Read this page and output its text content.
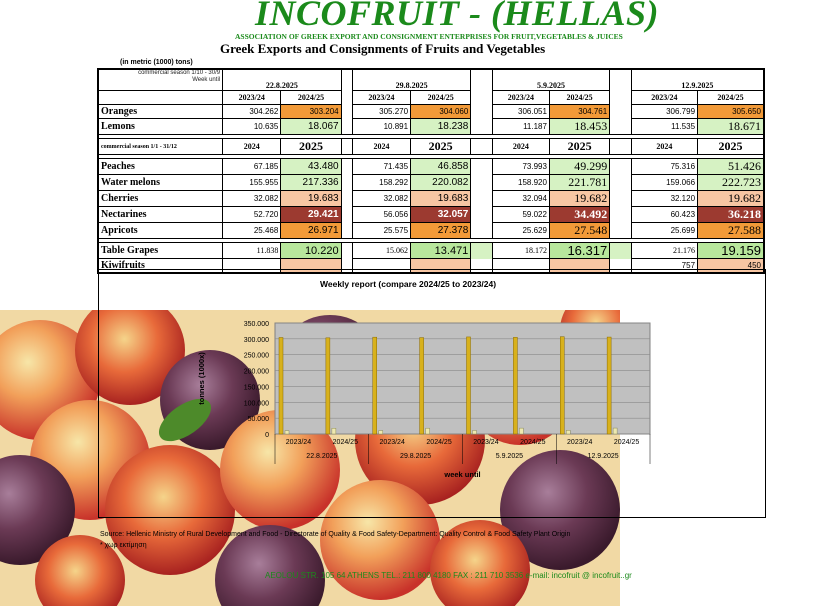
INCOFRUIT - (HELLAS)
ASSOCIATION OF GREEK EXPORT AND CONSIGNMENT ENTERPRISES FOR FRUIT,VEGETABLES & JUICES
Greek Exports and Consignments of Fruits and Vegetables
(in metric (1000) tons)
commercial season 1/10 - 30/9
Week until	22.8.2025			29.8.2025			5.9.2025			12.9.2025	
	2023/24	2024/25		2023/24	2024/25		2023/24	2024/25		2023/24	2024/25
Oranges	304.262	303.204		305.270	304.060		306.051	304.761		306.799	305.650
Lemons	10.635	18.067		10.891	18.238		11.187	18.453		11.535	18.671

commercial season 1/1 - 31/12	2024	2025		2024	2025		2024	2025		2024	2025

Peaches	67.185	43.480		71.435	46.858		73.993	49.299		75.316	51.426
Water melons	155.955	217.336		158.292	220.082		158.920	221.781		159.066	222.723
Cherries	32.082	19.683		32.082	19.683		32.094	19.682		32.120	19.682
Nectarines	52.720	29.421		56.056	32.057		59.022	34.492		60.423	36.218
Apricots	25.468	26.971		25.575	27.378		25.629	27.548		25.699	27.588

Table Grapes	11.838	10.220		15.062	13.471		18.172	16.317		21.176	19.159
Kiwifruits										757	450
Weekly report (compare 2024/25 to 2023/24)
350.000
300.000
250.000
200.000
150.000
100.000
50.000
0
2023/24	2024/25	2023/24	2024/25	2023/24	2024/25	2023/24	2024/25
22.8.2025	29.8.2025	5.9.2025	12.9.2025
week until
tonnes (1000x)
Source: Hellenic Ministry of Rural Development and Food - Directorate of Quality & Food Safety-Department: Quality Control & Food Safety Plant Origin
* χωρ εκτίμηση
AEOLOU STR. 105 64 ATHENS TEL.: 211 800 4180 FAX : 211 710 3536 e-mail: incofruit @ incofruit..gr
